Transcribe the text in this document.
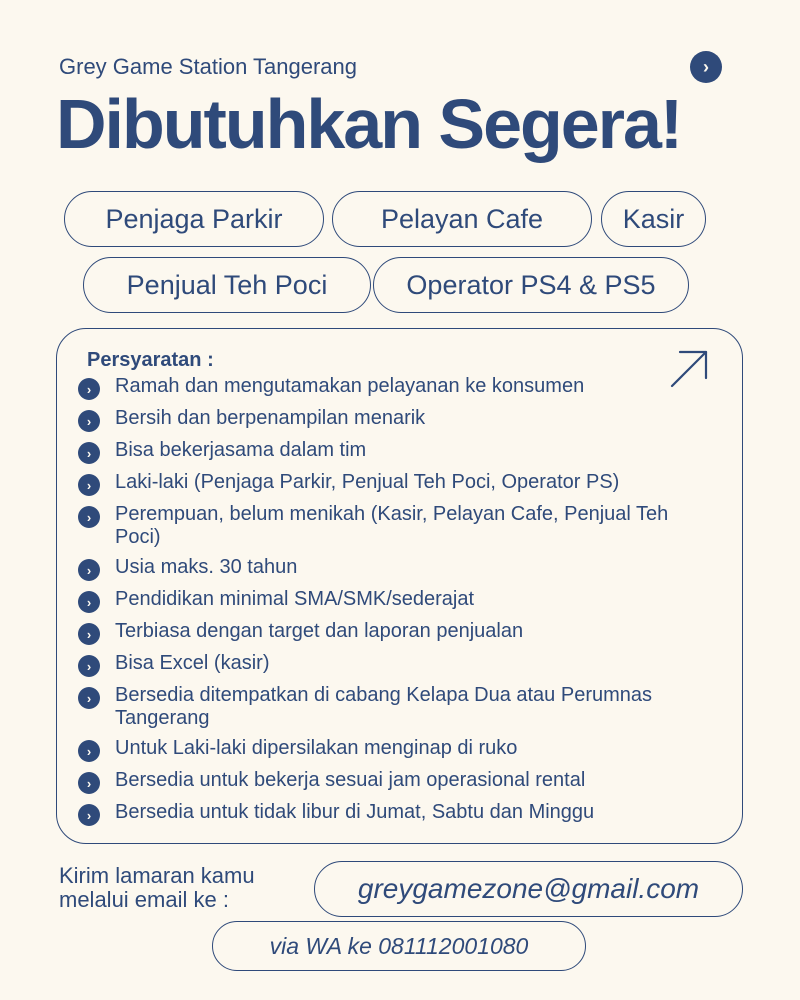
Grey Game Station Tangerang	›
Dibutuhkan Segera!
Penjaga Parkir	Pelayan Cafe	Kasir
Penjual Teh Poci	Operator PS4 & PS5
Persyaratan :
›	Ramah dan mengutamakan pelayanan ke konsumen
›	Bersih dan berpenampilan menarik
›	Bisa bekerjasama dalam tim
›	Laki-laki (Penjaga Parkir, Penjual Teh Poci, Operator PS)
›	Perempuan, belum menikah (Kasir, Pelayan Cafe, Penjual Teh Poci)
›	Usia maks. 30 tahun
›	Pendidikan minimal SMA/SMK/sederajat
›	Terbiasa dengan target dan laporan penjualan
›	Bisa Excel (kasir)
›	Bersedia ditempatkan di cabang Kelapa Dua atau Perumnas Tangerang
›	Untuk Laki-laki dipersilakan menginap di ruko
›	Bersedia untuk bekerja sesuai jam operasional rental
›	Bersedia untuk tidak libur di Jumat, Sabtu dan Minggu
Kirim lamaran kamu melalui email ke :	greygamezone@gmail.com
via WA ke 081112001080
